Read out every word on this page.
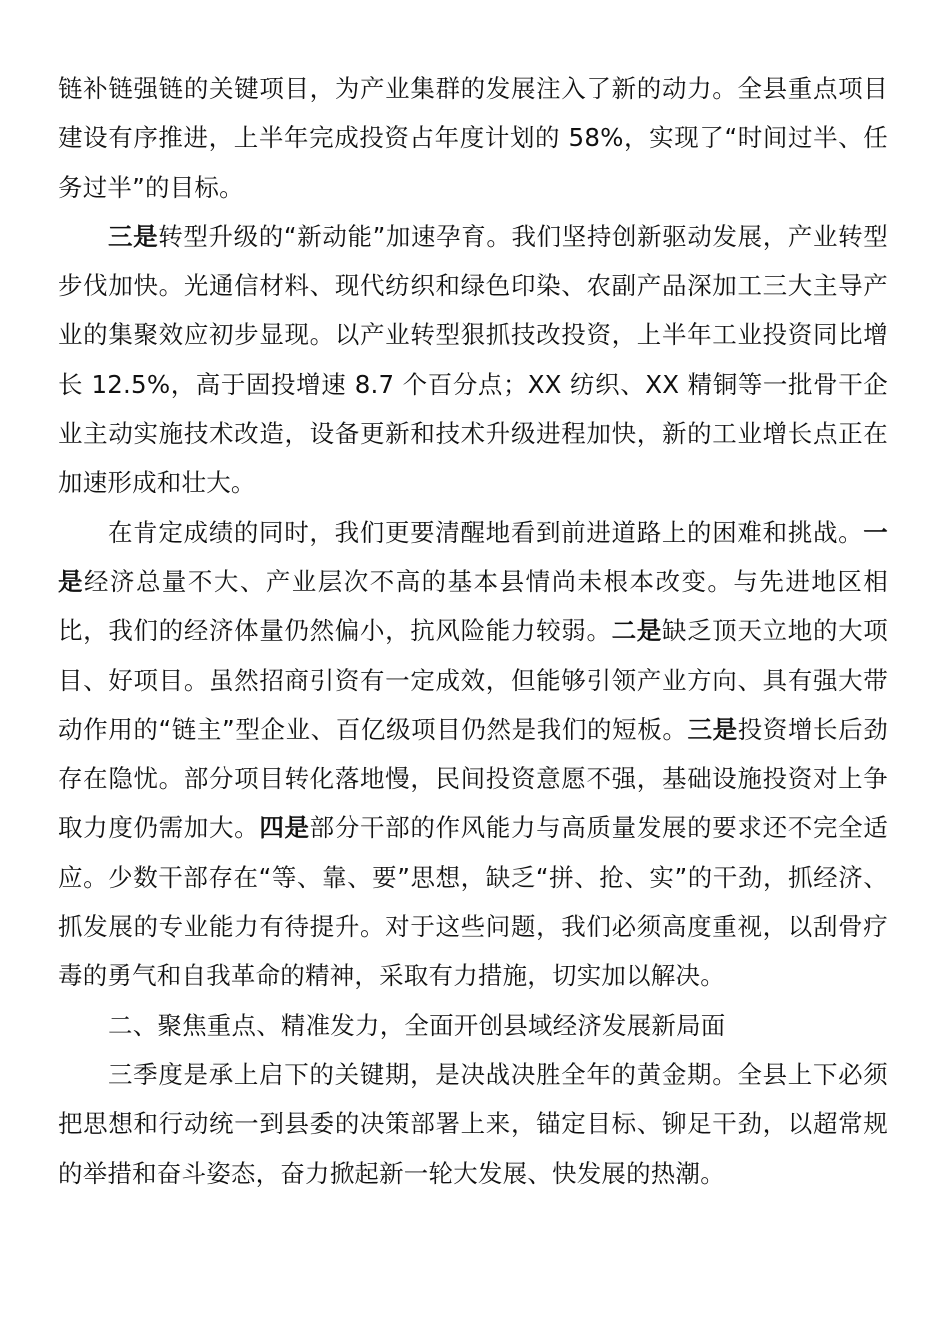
链补链强链的关键项目，为产业集群的发展注入了新的动力。全县重点项目建设有序推进，上半年完成投资占年度计划的 58%，实现了“时间过半、任务过半”的目标。

三是转型升级的“新动能”加速孕育。我们坚持创新驱动发展，产业转型步伐加快。光通信材料、现代纺织和绿色印染、农副产品深加工三大主导产业的集聚效应初步显现。以产业转型狠抓技改投资，上半年工业投资同比增长 12.5%，高于固投增速 8.7 个百分点；XX 纺织、XX 精铜等一批骨干企业主动实施技术改造，设备更新和技术升级进程加快，新的工业增长点正在加速形成和壮大。

在肯定成绩的同时，我们更要清醒地看到前进道路上的困难和挑战。一是经济总量不大、产业层次不高的基本县情尚未根本改变。与先进地区相比，我们的经济体量仍然偏小，抗风险能力较弱。二是缺乏顶天立地的大项目、好项目。虽然招商引资有一定成效，但能够引领产业方向、具有强大带动作用的“链主”型企业、百亿级项目仍然是我们的短板。三是投资增长后劲存在隐忧。部分项目转化落地慢，民间投资意愿不强，基础设施投资对上争取力度仍需加大。四是部分干部的作风能力与高质量发展的要求还不完全适应。少数干部存在“等、靠、要”思想，缺乏“拼、抢、实”的干劲，抓经济、抓发展的专业能力有待提升。对于这些问题，我们必须高度重视，以刮骨疗毒的勇气和自我革命的精神，采取有力措施，切实加以解决。

二、聚焦重点、精准发力，全面开创县域经济发展新局面

三季度是承上启下的关键期，是决战决胜全年的黄金期。全县上下必须把思想和行动统一到县委的决策部署上来，锚定目标、铆足干劲，以超常规的举措和奋斗姿态，奋力掀起新一轮大发展、快发展的热潮。
